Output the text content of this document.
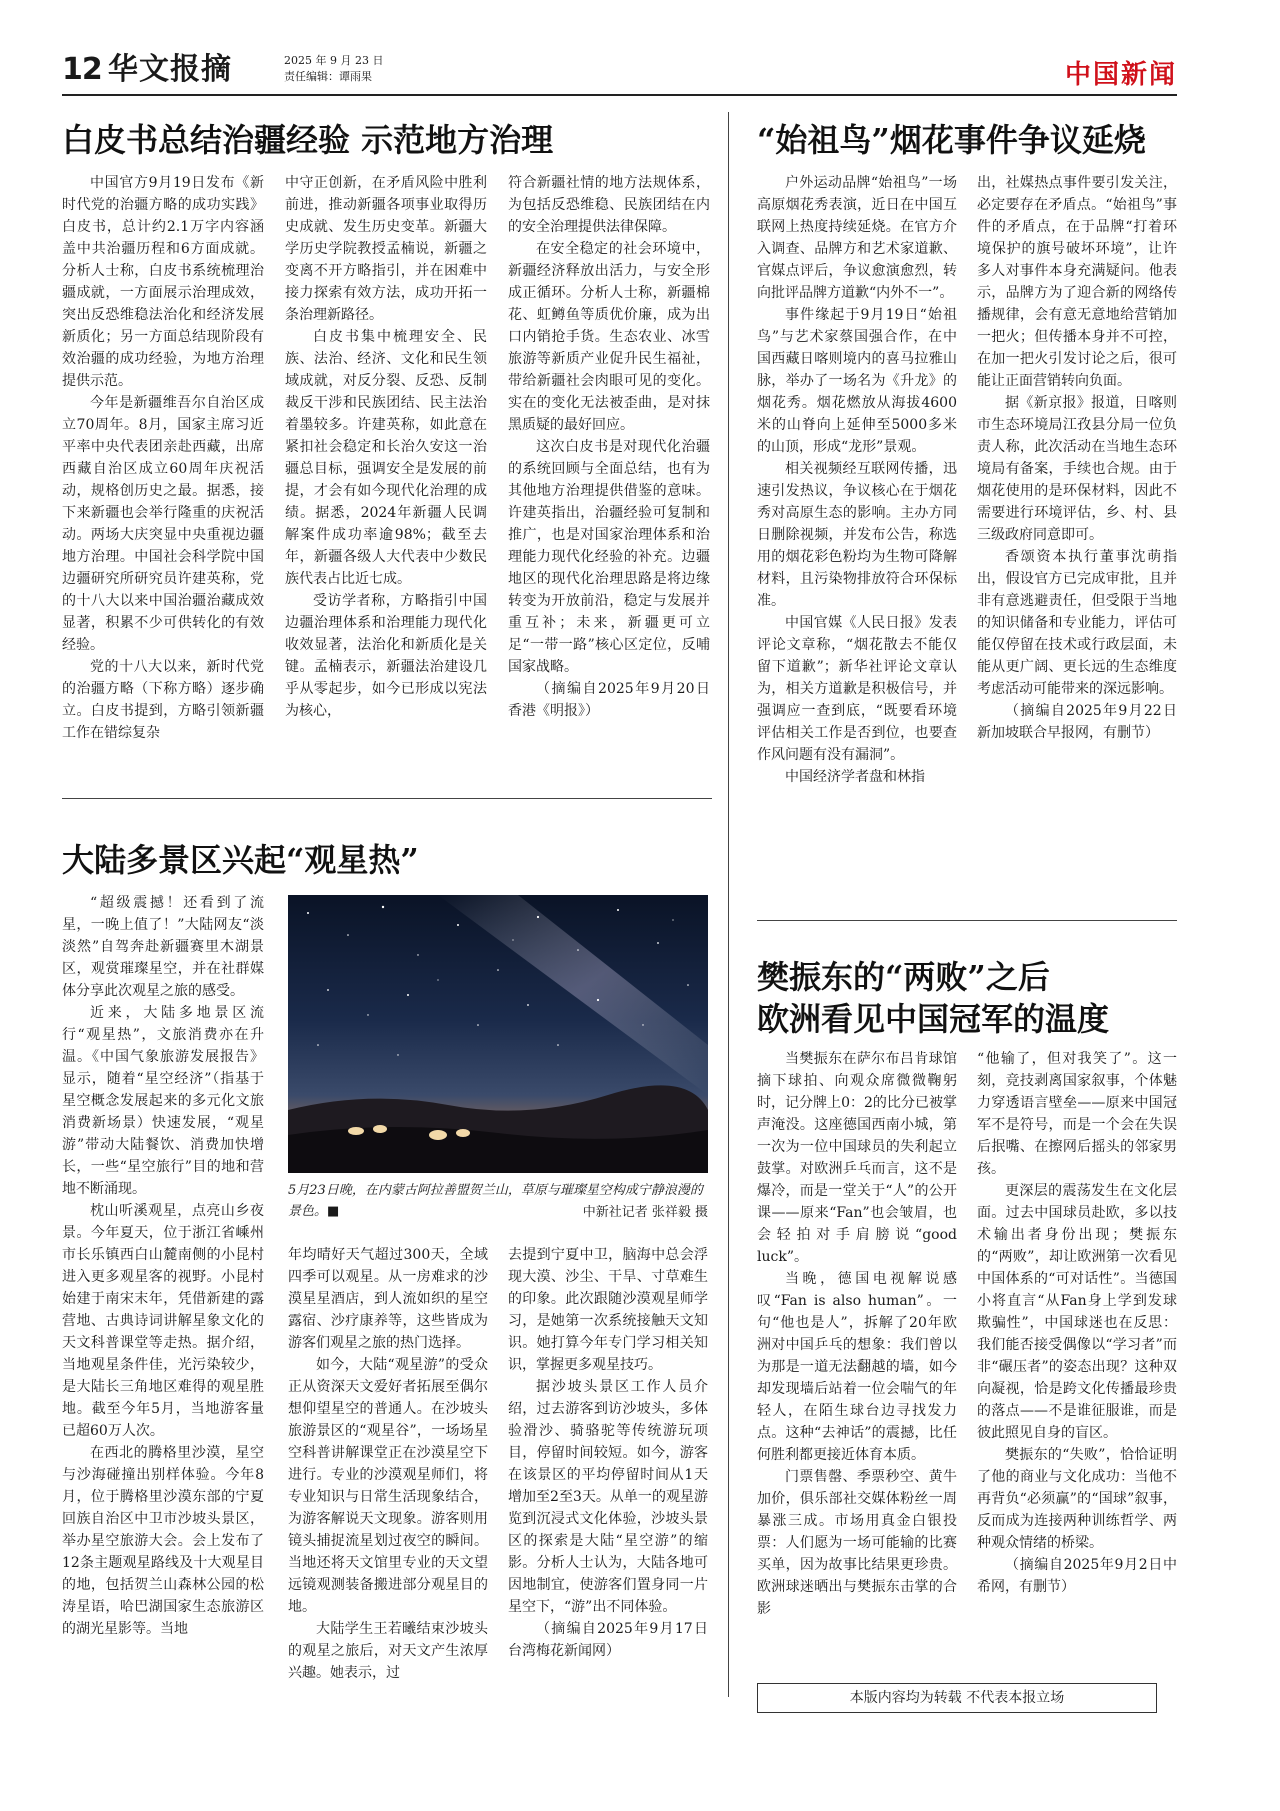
12 华文报摘	2025 年 9 月 23 日
责任编辑：谭雨果	中国新闻
白皮书总结治疆经验 示范地方治理

中国官方9月19日发布《新时代党的治疆方略的成功实践》白皮书，总计约2.1万字内容涵盖中共治疆历程和6方面成就。分析人士称，白皮书系统梳理治疆成就，一方面展示治理成效，突出反恐维稳法治化和经济发展新质化；另一方面总结现阶段有效治疆的成功经验，为地方治理提供示范。

今年是新疆维吾尔自治区成立70周年。8月，国家主席习近平率中央代表团亲赴西藏，出席西藏自治区成立60周年庆祝活动，规格创历史之最。据悉，接下来新疆也会举行隆重的庆祝活动。两场大庆突显中央重视边疆地方治理。中国社会科学院中国边疆研究所研究员许建英称，党的十八大以来中国治疆治藏成效显著，积累不少可供转化的有效经验。

党的十八大以来，新时代党的治疆方略（下称方略）逐步确立。白皮书提到，方略引领新疆工作在错综复杂

中守正创新，在矛盾风险中胜利前进，推动新疆各项事业取得历史成就、发生历史变革。新疆大学历史学院教授孟楠说，新疆之变离不开方略指引，并在困难中接力探索有效方法，成功开拓一条治理新路径。

白皮书集中梳理安全、民族、法治、经济、文化和民生领域成就，对反分裂、反恐、反制裁反干涉和民族团结、民主法治着墨较多。许建英称，如此意在紧扣社会稳定和长治久安这一治疆总目标，强调安全是发展的前提，才会有如今现代化治理的成绩。据悉，2024年新疆人民调解案件成功率逾98%；截至去年，新疆各级人大代表中少数民族代表占比近七成。

受访学者称，方略指引中国边疆治理体系和治理能力现代化收效显著，法治化和新质化是关键。孟楠表示，新疆法治建设几乎从零起步，如今已形成以宪法为核心，

符合新疆社情的地方法规体系，为包括反恐维稳、民族团结在内的安全治理提供法律保障。

在安全稳定的社会环境中，新疆经济释放出活力，与安全形成正循环。分析人士称，新疆棉花、虹鳟鱼等质优价廉，成为出口内销抢手货。生态农业、冰雪旅游等新质产业促升民生福祉，带给新疆社会肉眼可见的变化。实在的变化无法被歪曲，是对抹黑质疑的最好回应。

这次白皮书是对现代化治疆的系统回顾与全面总结，也有为其他地方治理提供借鉴的意味。许建英指出，治疆经验可复制和推广，也是对国家治理体系和治理能力现代化经验的补充。边疆地区的现代化治理思路是将边缘转变为开放前沿，稳定与发展并重互补；未来，新疆更可立足“一带一路”核心区定位，反哺国家战略。

（摘编自2025年9月20日香港《明报》）

“始祖鸟”烟花事件争议延烧

户外运动品牌“始祖鸟”一场高原烟花秀表演，近日在中国互联网上热度持续延烧。在官方介入调查、品牌方和艺术家道歉、官媒点评后，争议愈演愈烈，转向批评品牌方道歉“内外不一”。

事件缘起于9月19日“始祖鸟”与艺术家蔡国强合作，在中国西藏日喀则境内的喜马拉雅山脉，举办了一场名为《升龙》的烟花秀。烟花燃放从海拔4600米的山脊向上延伸至5000多米的山顶，形成“龙形”景观。

相关视频经互联网传播，迅速引发热议，争议核心在于烟花秀对高原生态的影响。主办方同日删除视频，并发布公告，称选用的烟花彩色粉均为生物可降解材料，且污染物排放符合环保标准。

中国官媒《人民日报》发表评论文章称，“烟花散去不能仅留下道歉”；新华社评论文章认为，相关方道歉是积极信号，并强调应一查到底，“既要看环境评估相关工作是否到位，也要查作风问题有没有漏洞”。

中国经济学者盘和林指

出，社媒热点事件要引发关注，必定要存在矛盾点。“始祖鸟”事件的矛盾点，在于品牌“打着环境保护的旗号破坏环境”，让许多人对事件本身充满疑问。他表示，品牌方为了迎合新的网络传播规律，会有意无意地给营销加一把火；但传播本身并不可控，在加一把火引发讨论之后，很可能让正面营销转向负面。

据《新京报》报道，日喀则市生态环境局江孜县分局一位负责人称，此次活动在当地生态环境局有备案，手续也合规。由于烟花使用的是环保材料，因此不需要进行环境评估，乡、村、县三级政府同意即可。

香颂资本执行董事沈萌指出，假设官方已完成审批，且并非有意逃避责任，但受限于当地的知识储备和专业能力，评估可能仅停留在技术或行政层面，未能从更广阔、更长远的生态维度考虑活动可能带来的深远影响。

（摘编自2025年9月22日新加坡联合早报网，有删节）

大陆多景区兴起“观星热”

“超级震撼！还看到了流星，一晚上值了！”大陆网友“淡淡然”自驾奔赴新疆赛里木湖景区，观赏璀璨星空，并在社群媒体分享此次观星之旅的感受。

近来，大陆多地景区流行“观星热”，文旅消费亦在升温。《中国气象旅游发展报告》显示，随着“星空经济”（指基于星空概念发展起来的多元化文旅消费新场景）快速发展，“观星游”带动大陆餐饮、消费加快增长，一些“星空旅行”目的地和营地不断涌现。

枕山听溪观星，点亮山乡夜景。今年夏天，位于浙江省嵊州市长乐镇西白山麓南侧的小昆村进入更多观星客的视野。小昆村始建于南宋末年，凭借新建的露营地、古典诗词讲解星象文化的天文科普课堂等走热。据介绍，当地观星条件佳，光污染较少，是大陆长三角地区难得的观星胜地。截至今年5月，当地游客量已超60万人次。

在西北的腾格里沙漠，星空与沙海碰撞出别样体验。今年8月，位于腾格里沙漠东部的宁夏回族自治区中卫市沙坡头景区，举办星空旅游大会。会上发布了12条主题观星路线及十大观星目的地，包括贺兰山森林公园的松涛星语，哈巴湖国家生态旅游区的湖光星影等。当地

5月23日晚，在内蒙古阿拉善盟贺兰山，草原与璀璨星空构成宁静浪漫的景色。■	中新社记者 张祥毅 摄

年均晴好天气超过300天，全域四季可以观星。从一房难求的沙漠星星酒店，到人流如织的星空露宿、沙疗康养等，这些皆成为游客们观星之旅的热门选择。

如今，大陆“观星游”的受众正从资深天文爱好者拓展至偶尔想仰望星空的普通人。在沙坡头旅游景区的“观星谷”，一场场星空科普讲解课堂正在沙漠星空下进行。专业的沙漠观星师们，将专业知识与日常生活现象结合，为游客解说天文现象。游客则用镜头捕捉流星划过夜空的瞬间。当地还将天文馆里专业的天文望远镜观测装备搬进部分观星目的地。

大陆学生王若曦结束沙坡头的观星之旅后，对天文产生浓厚兴趣。她表示，过

去提到宁夏中卫，脑海中总会浮现大漠、沙尘、干旱、寸草难生的印象。此次跟随沙漠观星师学习，是她第一次系统接触天文知识。她打算今年专门学习相关知识，掌握更多观星技巧。

据沙坡头景区工作人员介绍，过去游客到访沙坡头，多体验滑沙、骑骆驼等传统游玩项目，停留时间较短。如今，游客在该景区的平均停留时间从1天增加至2至3天。从单一的观星游览到沉浸式文化体验，沙坡头景区的探索是大陆“星空游”的缩影。分析人士认为，大陆各地可因地制宜，使游客们置身同一片星空下，“游”出不同体验。

（摘编自2025年9月17日台湾梅花新闻网）

樊振东的“两败”之后
欧洲看见中国冠军的温度

当樊振东在萨尔布吕肯球馆摘下球拍、向观众席微微鞠躬时，记分牌上0：2的比分已被掌声淹没。这座德国西南小城，第一次为一位中国球员的失利起立鼓掌。对欧洲乒乓而言，这不是爆冷，而是一堂关于“人”的公开课——原来“Fan”也会皱眉，也会轻拍对手肩膀说“good luck”。

当晚，德国电视解说感叹“Fan is also human”。一句“他也是人”，拆解了20年欧洲对中国乒乓的想象：我们曾以为那是一道无法翻越的墙，如今却发现墙后站着一位会喘气的年轻人，在陌生球台边寻找发力点。这种“去神话”的震撼，比任何胜利都更接近体育本质。

门票售罄、季票秒空、黄牛加价，俱乐部社交媒体粉丝一周暴涨三成。市场用真金白银投票：人们愿为一场可能输的比赛买单，因为故事比结果更珍贵。欧洲球迷晒出与樊振东击掌的合影

“他输了，但对我笑了”。这一刻，竞技剥离国家叙事，个体魅力穿透语言壁垒——原来中国冠军不是符号，而是一个会在失误后抿嘴、在擦网后摇头的邻家男孩。

更深层的震荡发生在文化层面。过去中国球员赴欧，多以技术输出者身份出现；樊振东的“两败”，却让欧洲第一次看见中国体系的“可对话性”。当德国小将直言“从Fan身上学到发球欺骗性”，中国球迷也在反思：我们能否接受偶像以“学习者”而非“碾压者”的姿态出现？这种双向凝视，恰是跨文化传播最珍贵的落点——不是谁征服谁，而是彼此照见自身的盲区。

樊振东的“失败”，恰恰证明了他的商业与文化成功：当他不再背负“必须赢”的“国球”叙事，反而成为连接两种训练哲学、两种观众情绪的桥梁。

（摘编自2025年9月2日中希网，有删节）

本版内容均为转载 不代表本报立场
